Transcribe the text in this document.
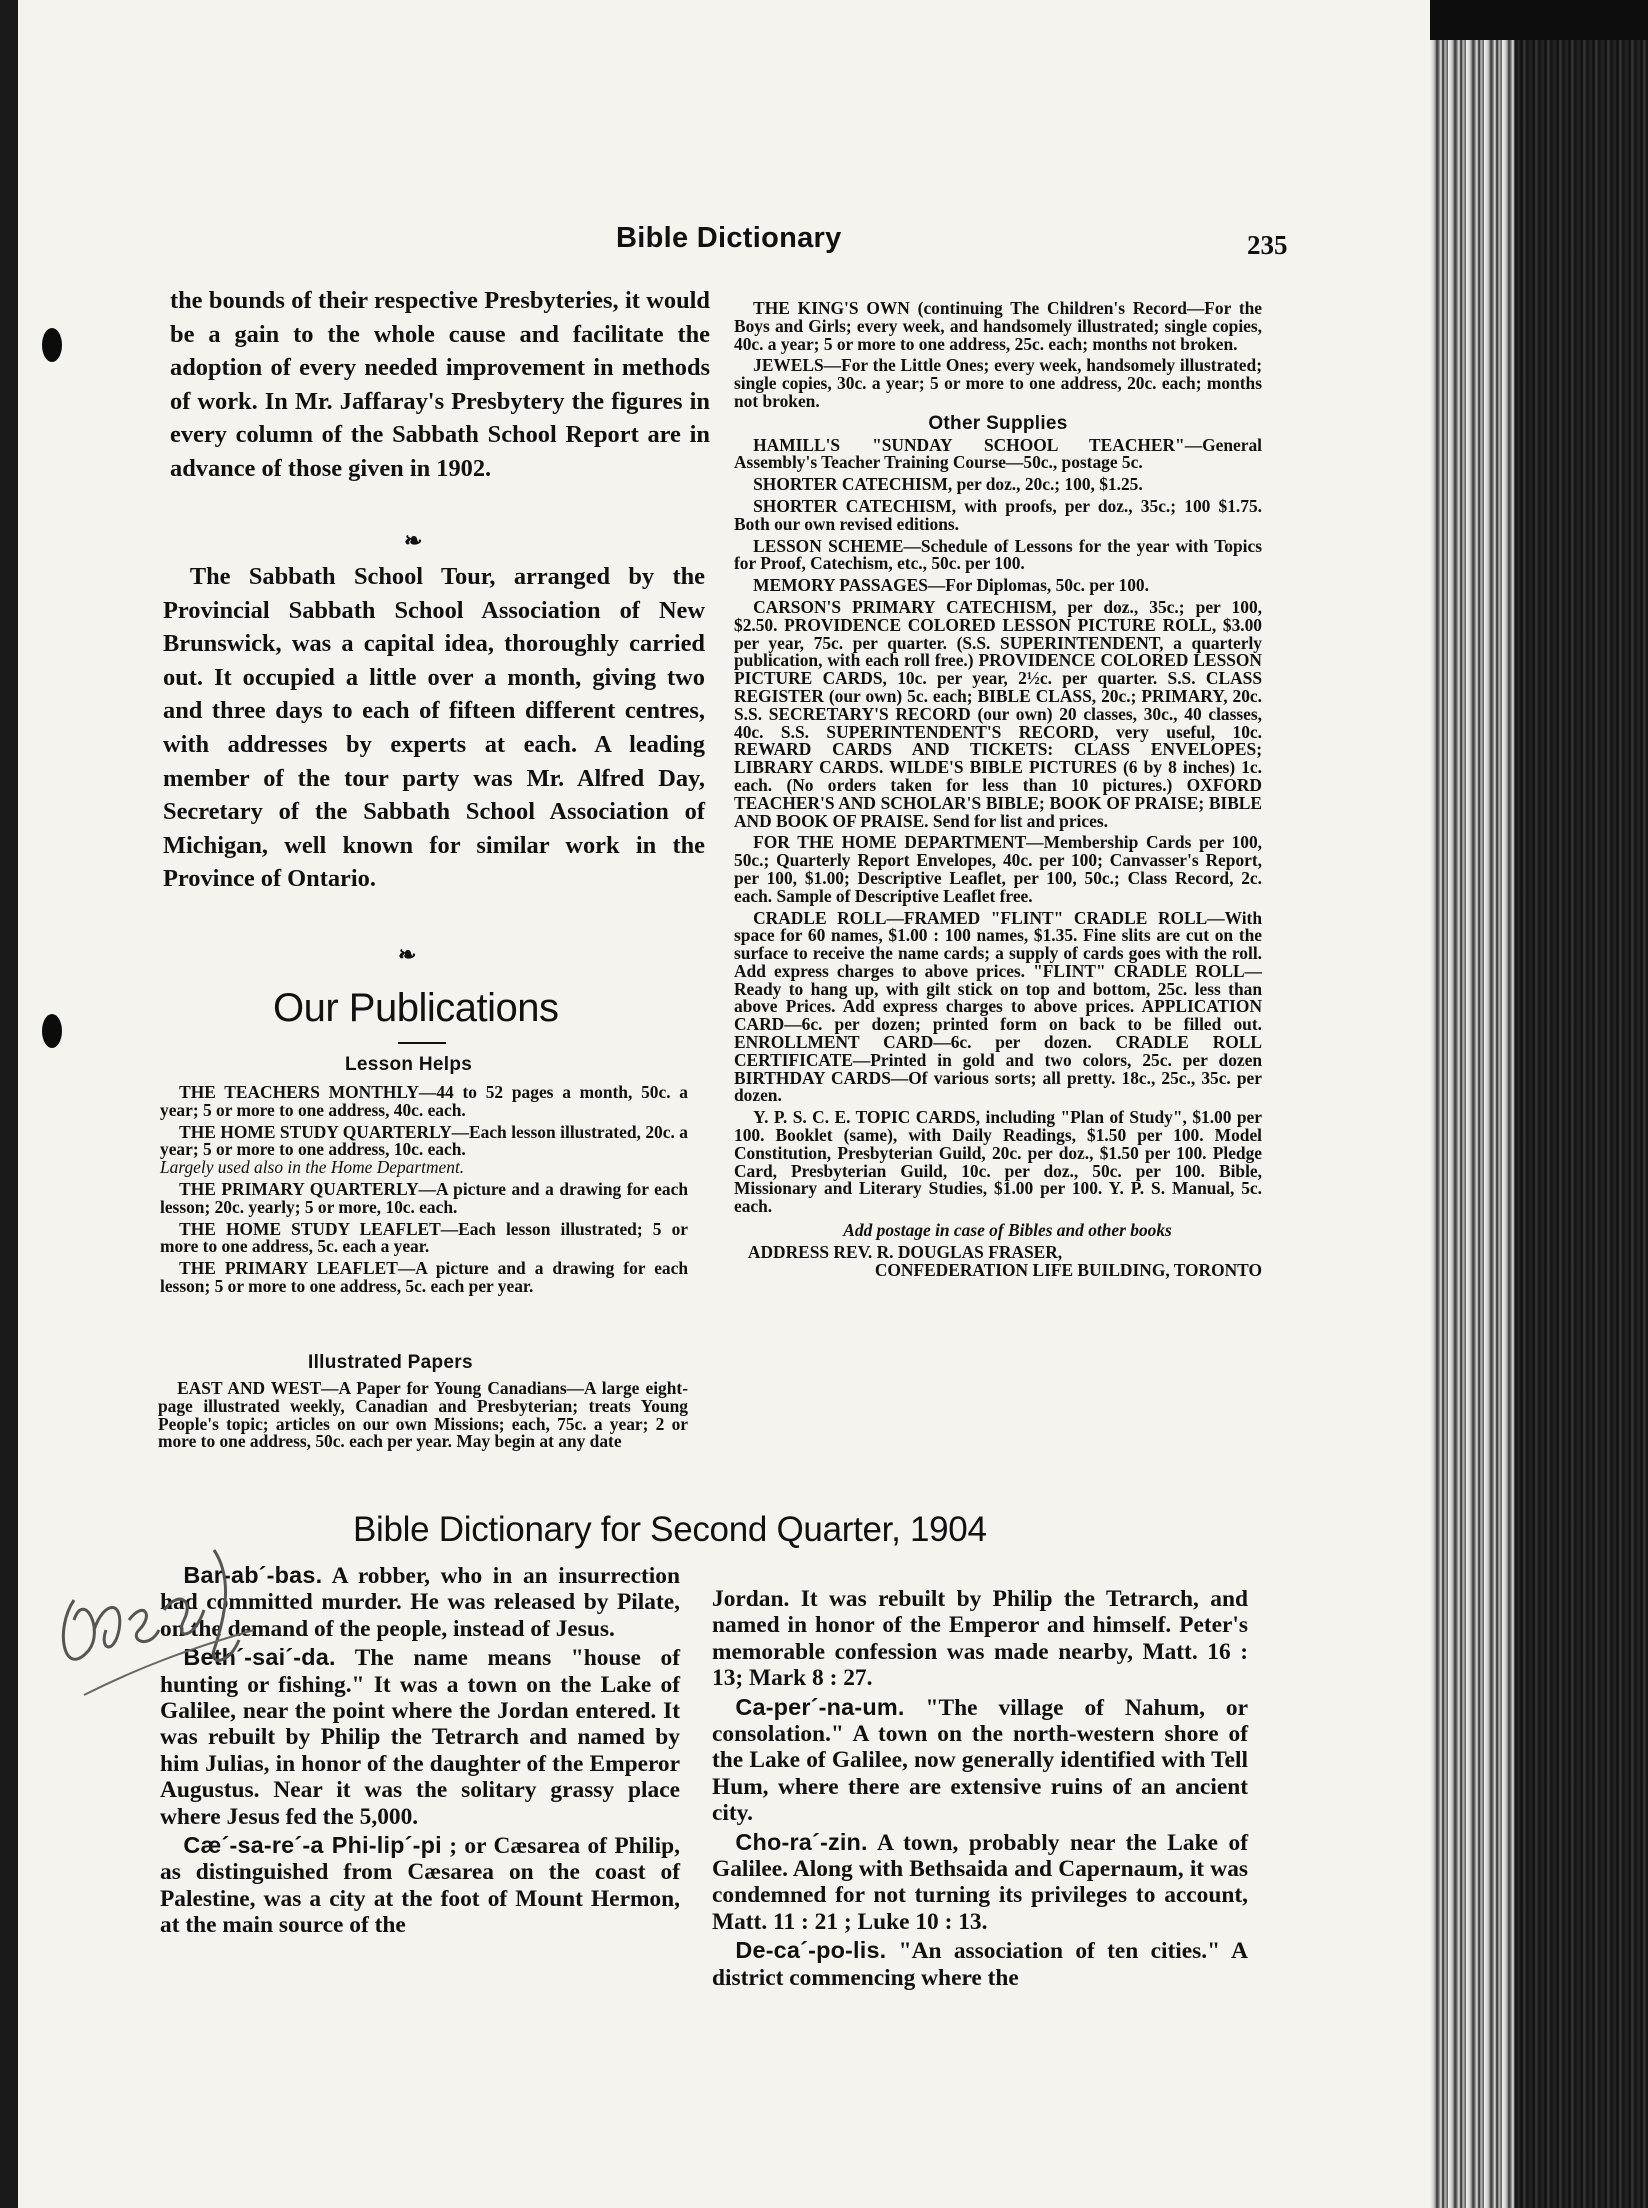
Bible Dictionary	235

the bounds of their respective Presbyteries, it would be a gain to the whole cause and facilitate the adoption of every needed improvement in methods of work. In Mr. Jaffaray's Presbytery the figures in every column of the Sabbath School Report are in advance of those given in 1902.

❧

The Sabbath School Tour, arranged by the Provincial Sabbath School Association of New Brunswick, was a capital idea, thoroughly carried out. It occupied a little over a month, giving two and three days to each of fifteen different centres, with addresses by experts at each. A leading member of the tour party was Mr. Alfred Day, Secretary of the Sabbath School Association of Michigan, well known for similar work in the Province of Ontario.

❧
Our Publications
Lesson Helps

THE TEACHERS MONTHLY—44 to 52 pages a month, 50c. a year; 5 or more to one address, 40c. each.

THE HOME STUDY QUARTERLY—Each lesson illustrated, 20c. a year; 5 or more to one address, 10c. each.

Largely used also in the Home Department.

THE PRIMARY QUARTERLY—A picture and a drawing for each lesson; 20c. yearly; 5 or more, 10c. each.

THE HOME STUDY LEAFLET—Each lesson illustrated; 5 or more to one address, 5c. each a year.

THE PRIMARY LEAFLET—A picture and a drawing for each lesson; 5 or more to one address, 5c. each per year.

Illustrated Papers

EAST AND WEST—A Paper for Young Canadians—A large eight-page illustrated weekly, Canadian and Presbyterian; treats Young People's topic; articles on our own Missions; each, 75c. a year; 2 or more to one address, 50c. each per year. May begin at any date

THE KING'S OWN (continuing The Children's Record—For the Boys and Girls; every week, and handsomely illustrated; single copies, 40c. a year; 5 or more to one address, 25c. each; months not broken.

JEWELS—For the Little Ones; every week, handsomely illustrated; single copies, 30c. a year; 5 or more to one address, 20c. each; months not broken.

Other Supplies

HAMILL'S "SUNDAY SCHOOL TEACHER"—General Assembly's Teacher Training Course—50c., postage 5c.

SHORTER CATECHISM, per doz., 20c.; 100, $1.25.

SHORTER CATECHISM, with proofs, per doz., 35c.; 100 $1.75. Both our own revised editions.

LESSON SCHEME—Schedule of Lessons for the year with Topics for Proof, Catechism, etc., 50c. per 100.

MEMORY PASSAGES—For Diplomas, 50c. per 100.

CARSON'S PRIMARY CATECHISM, per doz., 35c.; per 100, $2.50. PROVIDENCE COLORED LESSON PICTURE ROLL, $3.00 per year, 75c. per quarter. (S.S. SUPERINTENDENT, a quarterly publication, with each roll free.) PROVIDENCE COLORED LESSON PICTURE CARDS, 10c. per year, 2½c. per quarter. S.S. CLASS REGISTER (our own) 5c. each; BIBLE CLASS, 20c.; PRIMARY, 20c. S.S. SECRETARY'S RECORD (our own) 20 classes, 30c., 40 classes, 40c. S.S. SUPERINTENDENT'S RECORD, very useful, 10c. REWARD CARDS AND TICKETS: CLASS ENVELOPES; LIBRARY CARDS. WILDE'S BIBLE PICTURES (6 by 8 inches) 1c. each. (No orders taken for less than 10 pictures.) OXFORD TEACHER'S AND SCHOLAR'S BIBLE; BOOK OF PRAISE; BIBLE AND BOOK OF PRAISE. Send for list and prices.

FOR THE HOME DEPARTMENT—Membership Cards per 100, 50c.; Quarterly Report Envelopes, 40c. per 100; Canvasser's Report, per 100, $1.00; Descriptive Leaflet, per 100, 50c.; Class Record, 2c. each. Sample of Descriptive Leaflet free.

CRADLE ROLL—FRAMED "FLINT" CRADLE ROLL—With space for 60 names, $1.00 : 100 names, $1.35. Fine slits are cut on the surface to receive the name cards; a supply of cards goes with the roll. Add express charges to above prices. "FLINT" CRADLE ROLL—Ready to hang up, with gilt stick on top and bottom, 25c. less than above Prices. Add express charges to above prices. APPLICATION CARD—6c. per dozen; printed form on back to be filled out. ENROLLMENT CARD—6c. per dozen. CRADLE ROLL CERTIFICATE—Printed in gold and two colors, 25c. per dozen BIRTHDAY CARDS—Of various sorts; all pretty. 18c., 25c., 35c. per dozen.

Y. P. S. C. E. TOPIC CARDS, including "Plan of Study", $1.00 per 100. Booklet (same), with Daily Readings, $1.50 per 100. Model Constitution, Presbyterian Guild, 20c. per doz., $1.50 per 100. Pledge Card, Presbyterian Guild, 10c. per doz., 50c. per 100. Bible, Missionary and Literary Studies, $1.00 per 100. Y. P. S. Manual, 5c. each.

Add postage in case of Bibles and other books

ADDRESS REV. R. DOUGLAS FRASER,

CONFEDERATION LIFE BUILDING, TORONTO

Bible Dictionary for Second Quarter, 1904

Bar-ab´-bas. A robber, who in an insurrection had committed murder. He was released by Pilate, on the demand of the people, instead of Jesus.

Beth´-sai´-da. The name means "house of hunting or fishing." It was a town on the Lake of Galilee, near the point where the Jordan entered. It was rebuilt by Philip the Tetrarch and named by him Julias, in honor of the daughter of the Emperor Augustus. Near it was the solitary grassy place where Jesus fed the 5,000.

Cæ´-sa-re´-a Phi-lip´-pi ; or Cæsarea of Philip, as distinguished from Cæsarea on the coast of Palestine, was a city at the foot of Mount Hermon, at the main source of the

Jordan. It was rebuilt by Philip the Tetrarch, and named in honor of the Emperor and himself. Peter's memorable confession was made nearby, Matt. 16 : 13; Mark 8 : 27.

Ca-per´-na-um. "The village of Nahum, or consolation." A town on the north-western shore of the Lake of Galilee, now generally identified with Tell Hum, where there are extensive ruins of an ancient city.

Cho-ra´-zin. A town, probably near the Lake of Galilee. Along with Bethsaida and Capernaum, it was condemned for not turning its privileges to account, Matt. 11 : 21 ; Luke 10 : 13.

De-ca´-po-lis. "An association of ten cities." A district commencing where the
